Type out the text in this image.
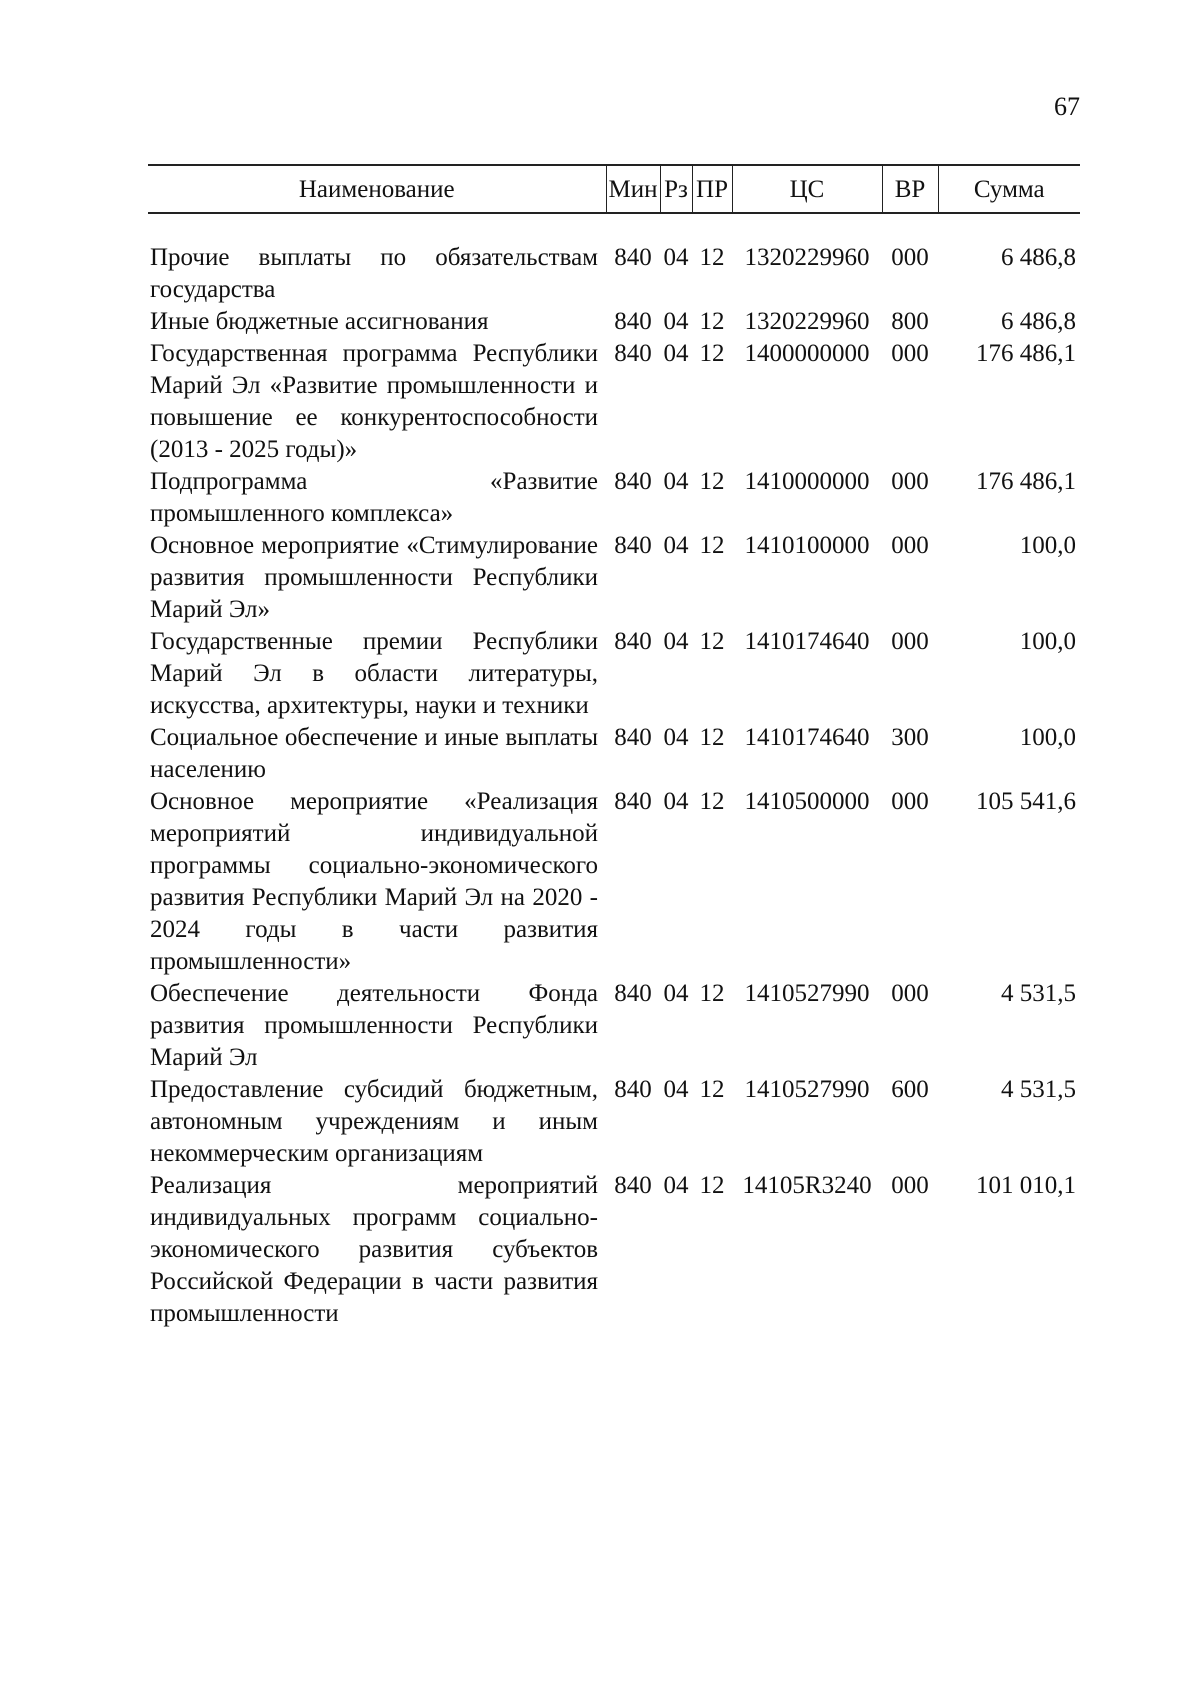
67
Наименование	Мин	Рз	ПР	ЦС	ВР	Сумма

Прочие выплаты по обязательствам государства	840	04	12	1320229960	000	6 486,8
Иные бюджетные ассигнования	840	04	12	1320229960	800	6 486,8
Государственная программа Республики Марий Эл «Развитие промышленности и повышение ее конкурентоспособности (2013 - 2025 годы)»	840	04	12	1400000000	000	176 486,1
Подпрограмма «Развитие промышленного комплекса»	840	04	12	1410000000	000	176 486,1
Основное мероприятие «Стимулирование развития промышленности Республики Марий Эл»	840	04	12	1410100000	000	100,0
Государственные премии Республики Марий Эл в области литературы, искусства, архитектуры, науки и техники	840	04	12	1410174640	000	100,0
Социальное обеспечение и иные выплаты населению	840	04	12	1410174640	300	100,0
Основное мероприятие «Реализация мероприятий индивидуальной программы социально-экономического развития Республики Марий Эл на 2020 - 2024 годы в части развития промышленности»	840	04	12	1410500000	000	105 541,6
Обеспечение деятельности Фонда развития промышленности Республики Марий Эл	840	04	12	1410527990	000	4 531,5
Предоставление субсидий бюджетным, автономным учреждениям и иным некоммерческим организациям	840	04	12	1410527990	600	4 531,5
Реализация мероприятий индивидуальных программ социально-экономического развития субъектов Российской Федерации в части развития промышленности	840	04	12	14105R3240	000	101 010,1
